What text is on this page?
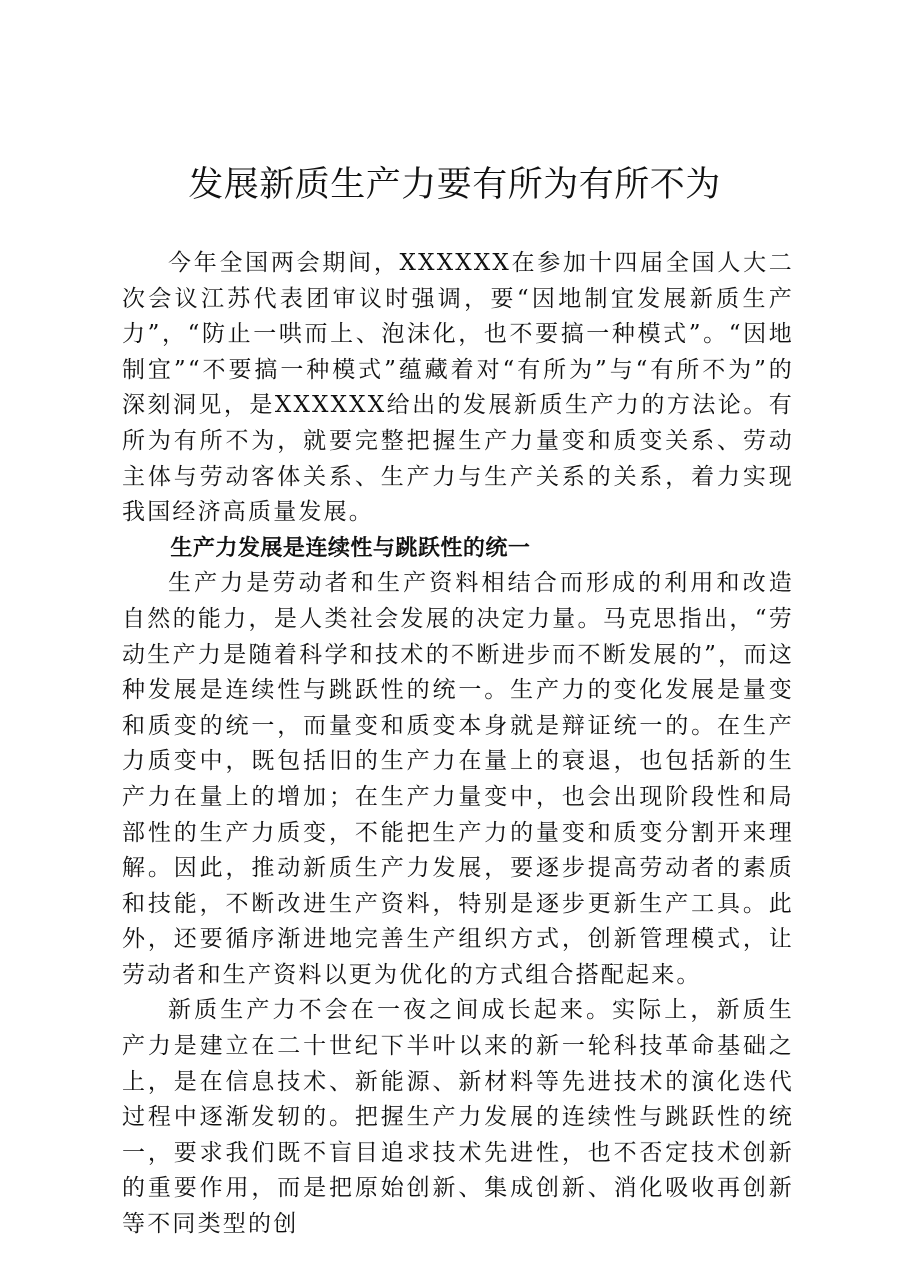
发展新质生产力要有所为有所不为

今年全国两会期间，XXXXXX在参加十四届全国人大二次会议江苏代表团审议时强调，要“因地制宜发展新质生产力”，“防止一哄而上、泡沫化，也不要搞一种模式”。“因地制宜”“不要搞一种模式”蕴藏着对“有所为”与“有所不为”的深刻洞见，是XXXXXX给出的发展新质生产力的方法论。有所为有所不为，就要完整把握生产力量变和质变关系、劳动主体与劳动客体关系、生产力与生产关系的关系，着力实现我国经济高质量发展。

生产力发展是连续性与跳跃性的统一

生产力是劳动者和生产资料相结合而形成的利用和改造自然的能力，是人类社会发展的决定力量。马克思指出，“劳动生产力是随着科学和技术的不断进步而不断发展的”，而这种发展是连续性与跳跃性的统一。生产力的变化发展是量变和质变的统一，而量变和质变本身就是辩证统一的。在生产力质变中，既包括旧的生产力在量上的衰退，也包括新的生产力在量上的增加；在生产力量变中，也会出现阶段性和局部性的生产力质变，不能把生产力的量变和质变分割开来理解。因此，推动新质生产力发展，要逐步提高劳动者的素质和技能，不断改进生产资料，特别是逐步更新生产工具。此外，还要循序渐进地完善生产组织方式，创新管理模式，让劳动者和生产资料以更为优化的方式组合搭配起来。

新质生产力不会在一夜之间成长起来。实际上，新质生产力是建立在二十世纪下半叶以来的新一轮科技革命基础之上，是在信息技术、新能源、新材料等先进技术的演化迭代过程中逐渐发轫的。把握生产力发展的连续性与跳跃性的统一，要求我们既不盲目追求技术先进性，也不否定技术创新的重要作用，而是把原始创新、集成创新、消化吸收再创新等不同类型的创
